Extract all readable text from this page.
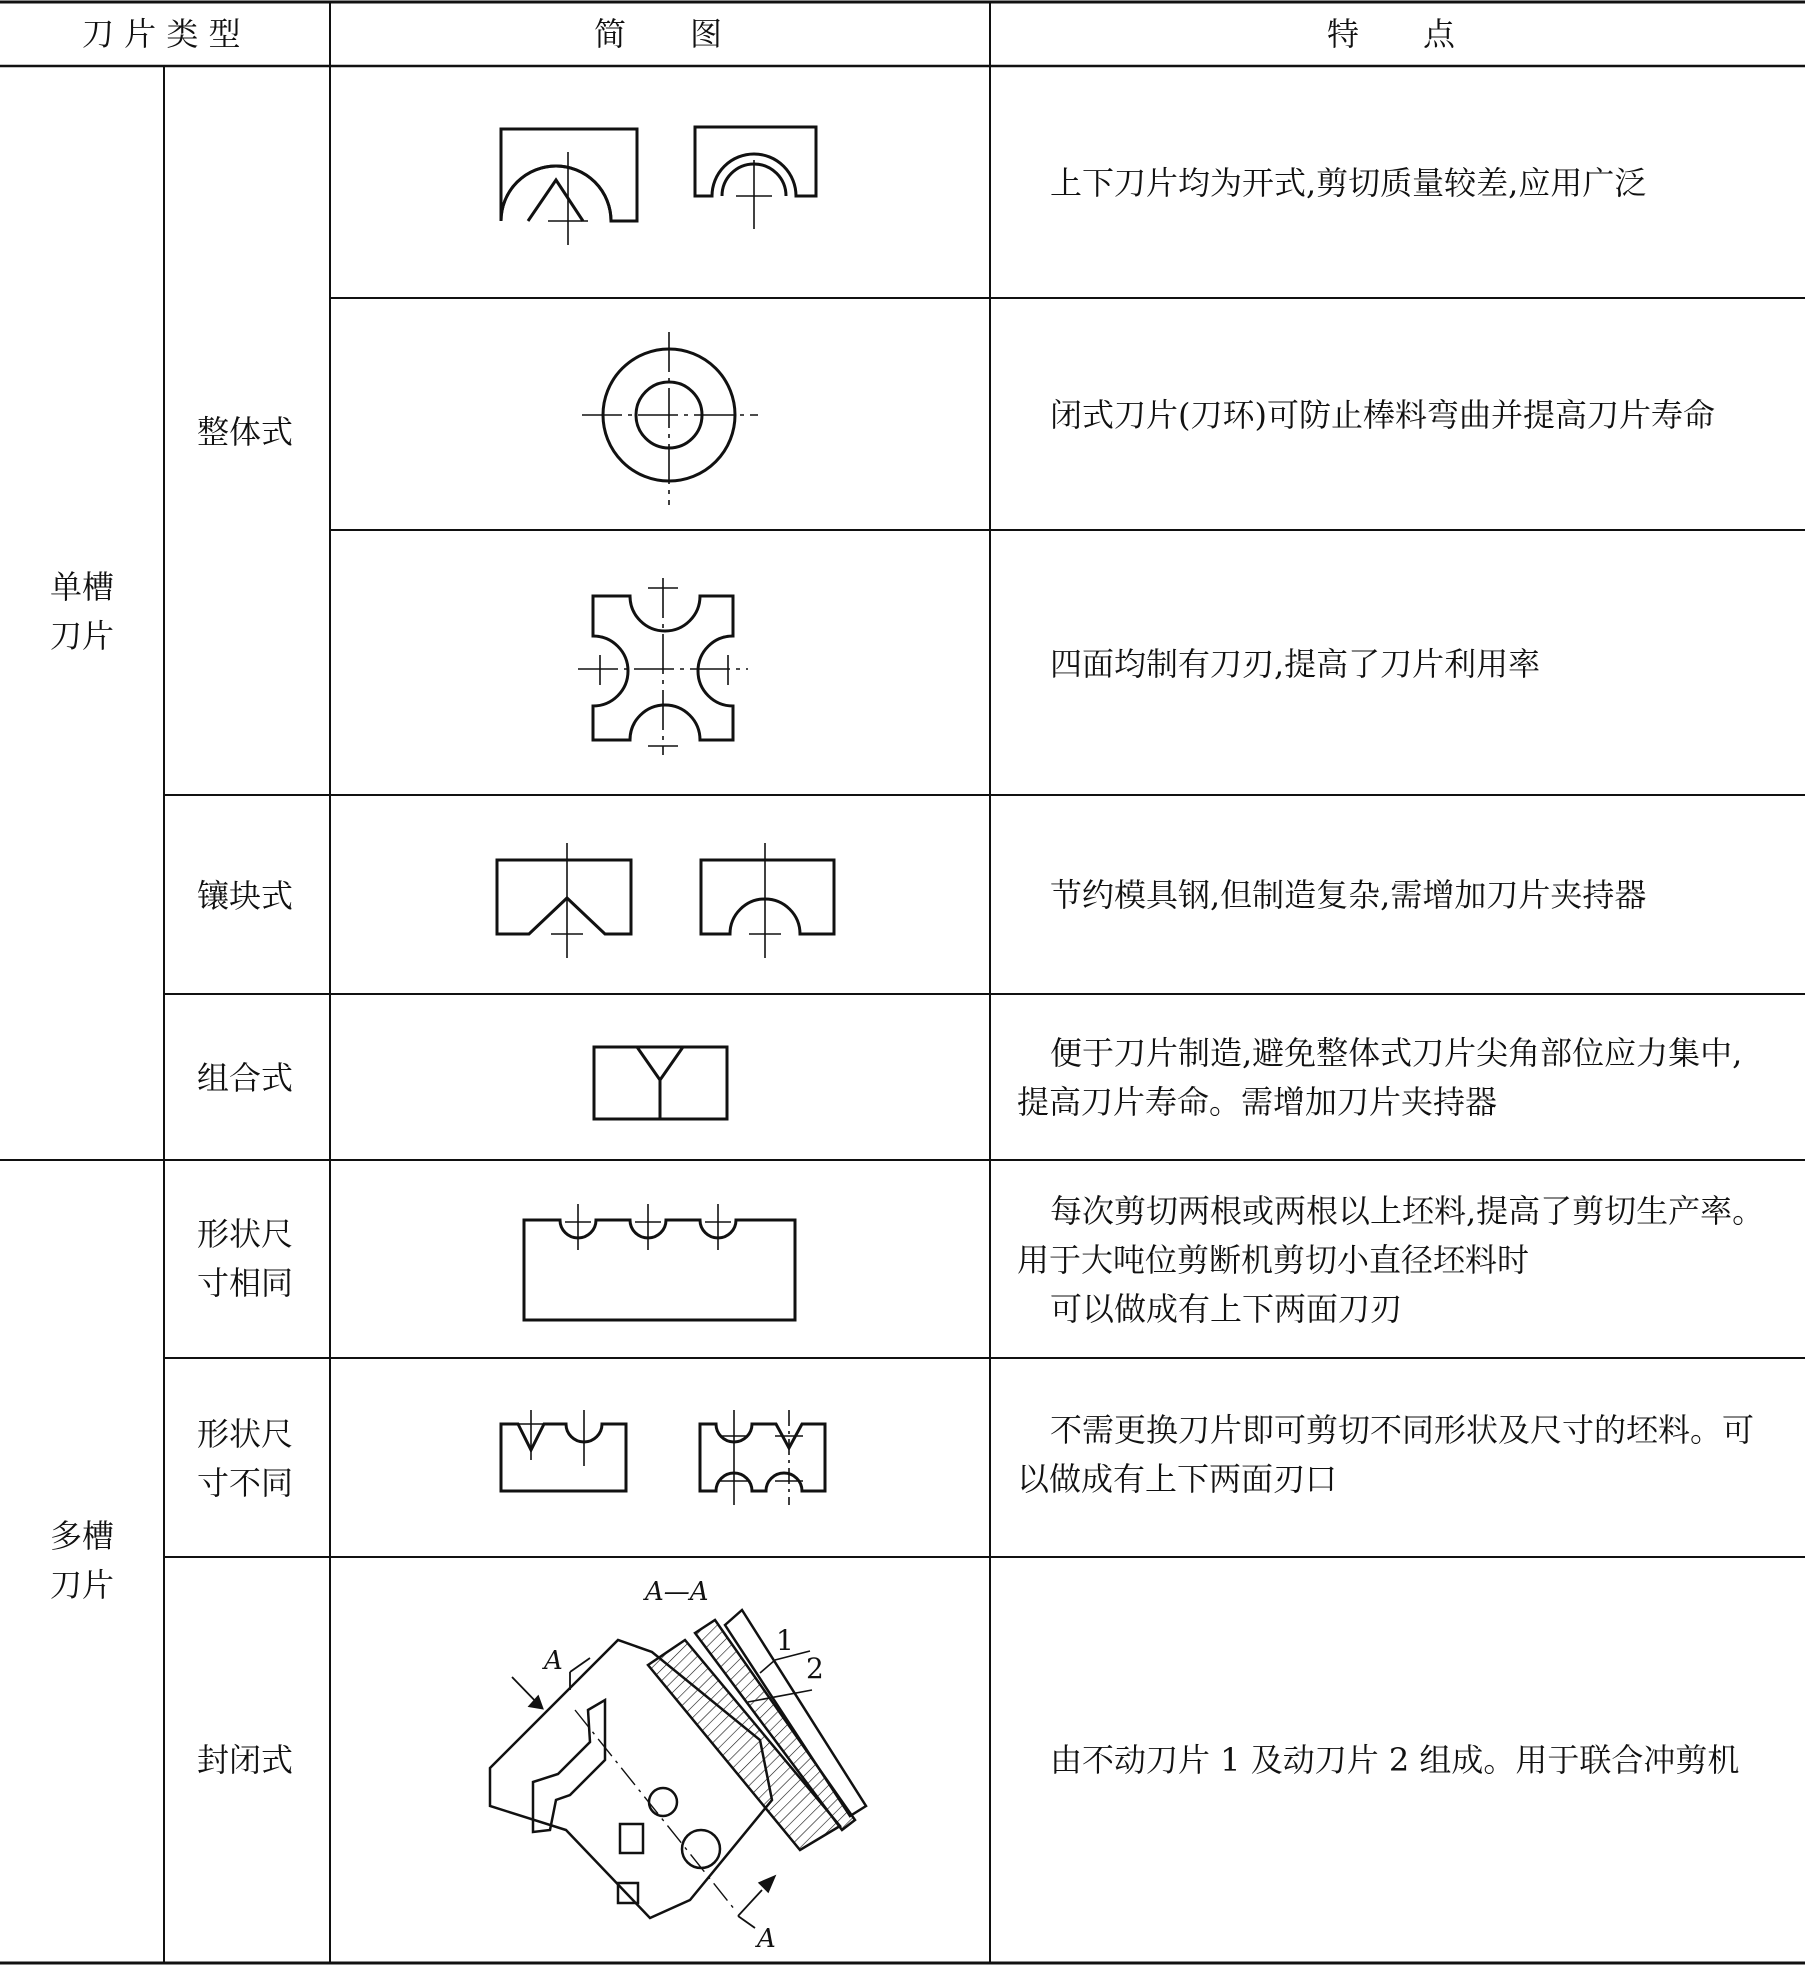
刀 片 类 型	简　　图	特　　点
单槽
刀片
多槽
刀片
整体式
镶块式
组合式
形状尺
寸相同
形状尺
寸不同
封闭式
上下刀片均为开式,剪切质量较差,应用广泛
闭式刀片(刀环)可防止棒料弯曲并提高刀片寿命
四面均制有刀刃,提高了刀片利用率
节约模具钢,但制造复杂,需增加刀片夹持器
便于刀片制造,避免整体式刀片尖角部位应力集中,
提高刀片寿命。需增加刀片夹持器
每次剪切两根或两根以上坯料,提高了剪切生产率。
用于大吨位剪断机剪切小直径坯料时
可以做成有上下两面刀刃
不需更换刀片即可剪切不同形状及尺寸的坯料。可
以做成有上下两面刃口
由不动刀片 1 及动刀片 2 组成。用于联合冲剪机
A—A
A
A
1
2
